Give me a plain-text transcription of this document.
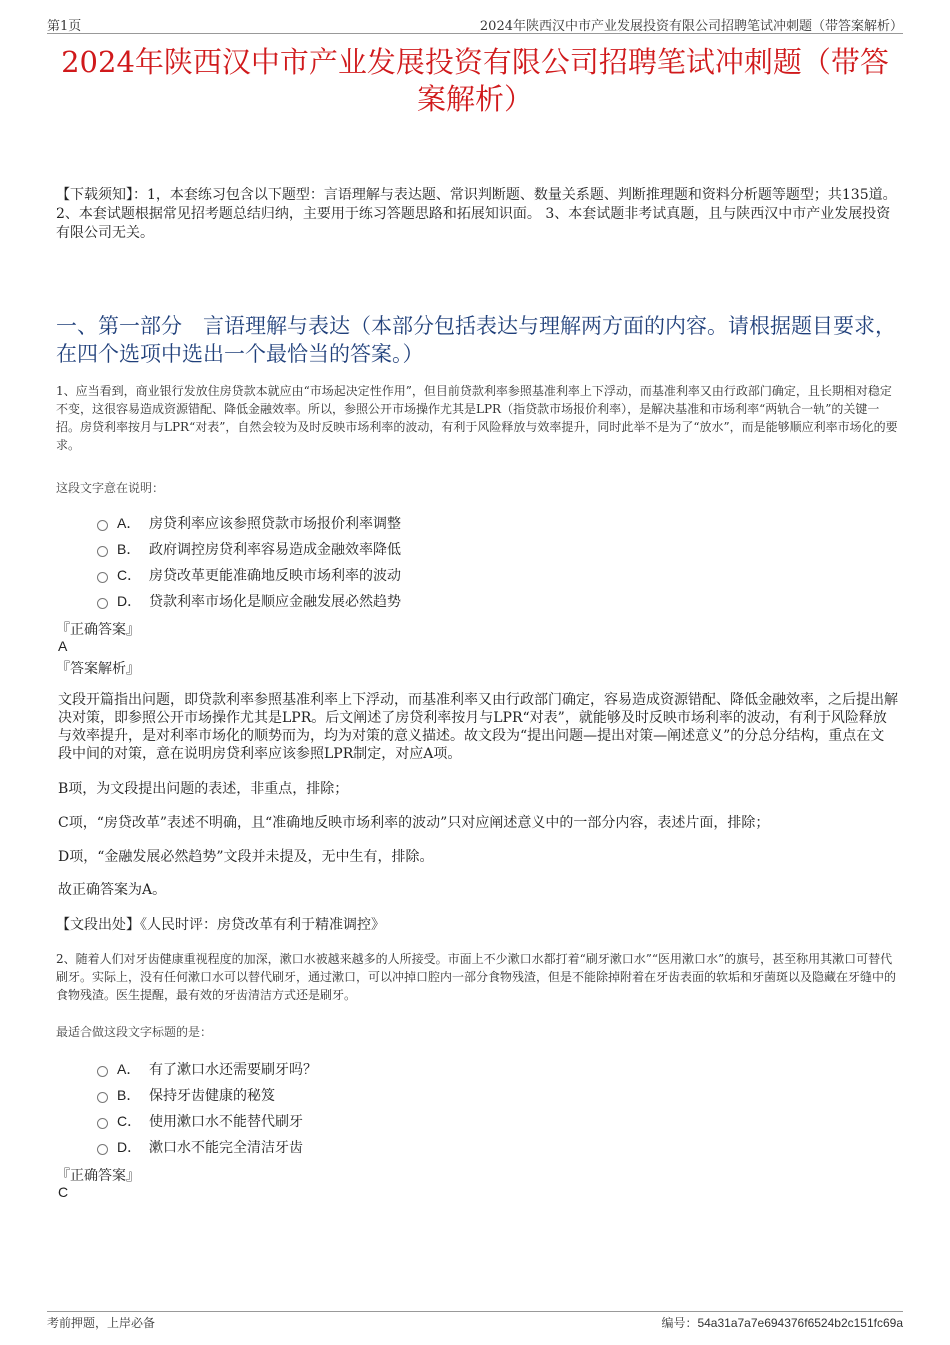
第1页	2024年陕西汉中市产业发展投资有限公司招聘笔试冲刺题（带答案解析）
2024年陕西汉中市产业发展投资有限公司招聘笔试冲刺题（带答案解析）
【下载须知】：1，本套练习包含以下题型：言语理解与表达题、常识判断题、数量关系题、判断推理题和资料分析题等题型；共135道。 2、本套试题根据常见招考题总结归纳，主要用于练习答题思路和拓展知识面。 3、本套试题非考试真题，且与陕西汉中市产业发展投资有限公司无关。
一、第一部分　言语理解与表达（本部分包括表达与理解两方面的内容。请根据题目要求，在四个选项中选出一个最恰当的答案。）
1、应当看到，商业银行发放住房贷款本就应由“市场起决定性作用”，但目前贷款利率参照基准利率上下浮动，而基准利率又由行政部门确定，且长期相对稳定不变，这很容易造成资源错配、降低金融效率。所以，参照公开市场操作尤其是LPR（指贷款市场报价利率），是解决基准和市场利率“两轨合一轨”的关键一招。房贷利率按月与LPR“对表”，自然会较为及时反映市场利率的波动，有利于风险释放与效率提升，同时此举不是为了“放水”，而是能够顺应利率市场化的要求。
这段文字意在说明：
A． 房贷利率应该参照贷款市场报价利率调整
B． 政府调控房贷利率容易造成金融效率降低
C． 房贷改革更能准确地反映市场利率的波动
D． 贷款利率市场化是顺应金融发展必然趋势
『正确答案』
A
『答案解析』
文段开篇指出问题，即贷款利率参照基准利率上下浮动，而基准利率又由行政部门确定，容易造成资源错配、降低金融效率，之后提出解决对策，即参照公开市场操作尤其是LPR。后文阐述了房贷利率按月与LPR“对表”，就能够及时反映市场利率的波动，有利于风险释放与效率提升，是对利率市场化的顺势而为，均为对策的意义描述。故文段为“提出问题—提出对策—阐述意义”的分总分结构，重点在文段中间的对策，意在说明房贷利率应该参照LPR制定，对应A项。
B项，为文段提出问题的表述，非重点，排除；
C项，“房贷改革”表述不明确，且“准确地反映市场利率的波动”只对应阐述意义中的一部分内容，表述片面，排除；
D项，“金融发展必然趋势”文段并未提及，无中生有，排除。
故正确答案为A。
【文段出处】《人民时评：房贷改革有利于精准调控》
2、随着人们对牙齿健康重视程度的加深，漱口水被越来越多的人所接受。市面上不少漱口水都打着“刷牙漱口水”“医用漱口水”的旗号，甚至称用其漱口可替代刷牙。实际上，没有任何漱口水可以替代刷牙，通过漱口，可以冲掉口腔内一部分食物残渣，但是不能除掉附着在牙齿表面的软垢和牙菌斑以及隐藏在牙缝中的食物残渣。医生提醒，最有效的牙齿清洁方式还是刷牙。
最适合做这段文字标题的是：
A． 有了漱口水还需要刷牙吗？
B． 保持牙齿健康的秘笈
C． 使用漱口水不能替代刷牙
D． 漱口水不能完全清洁牙齿
『正确答案』
C
考前押题，上岸必备	编号：54a31a7a7e694376f6524b2c151fc69a
